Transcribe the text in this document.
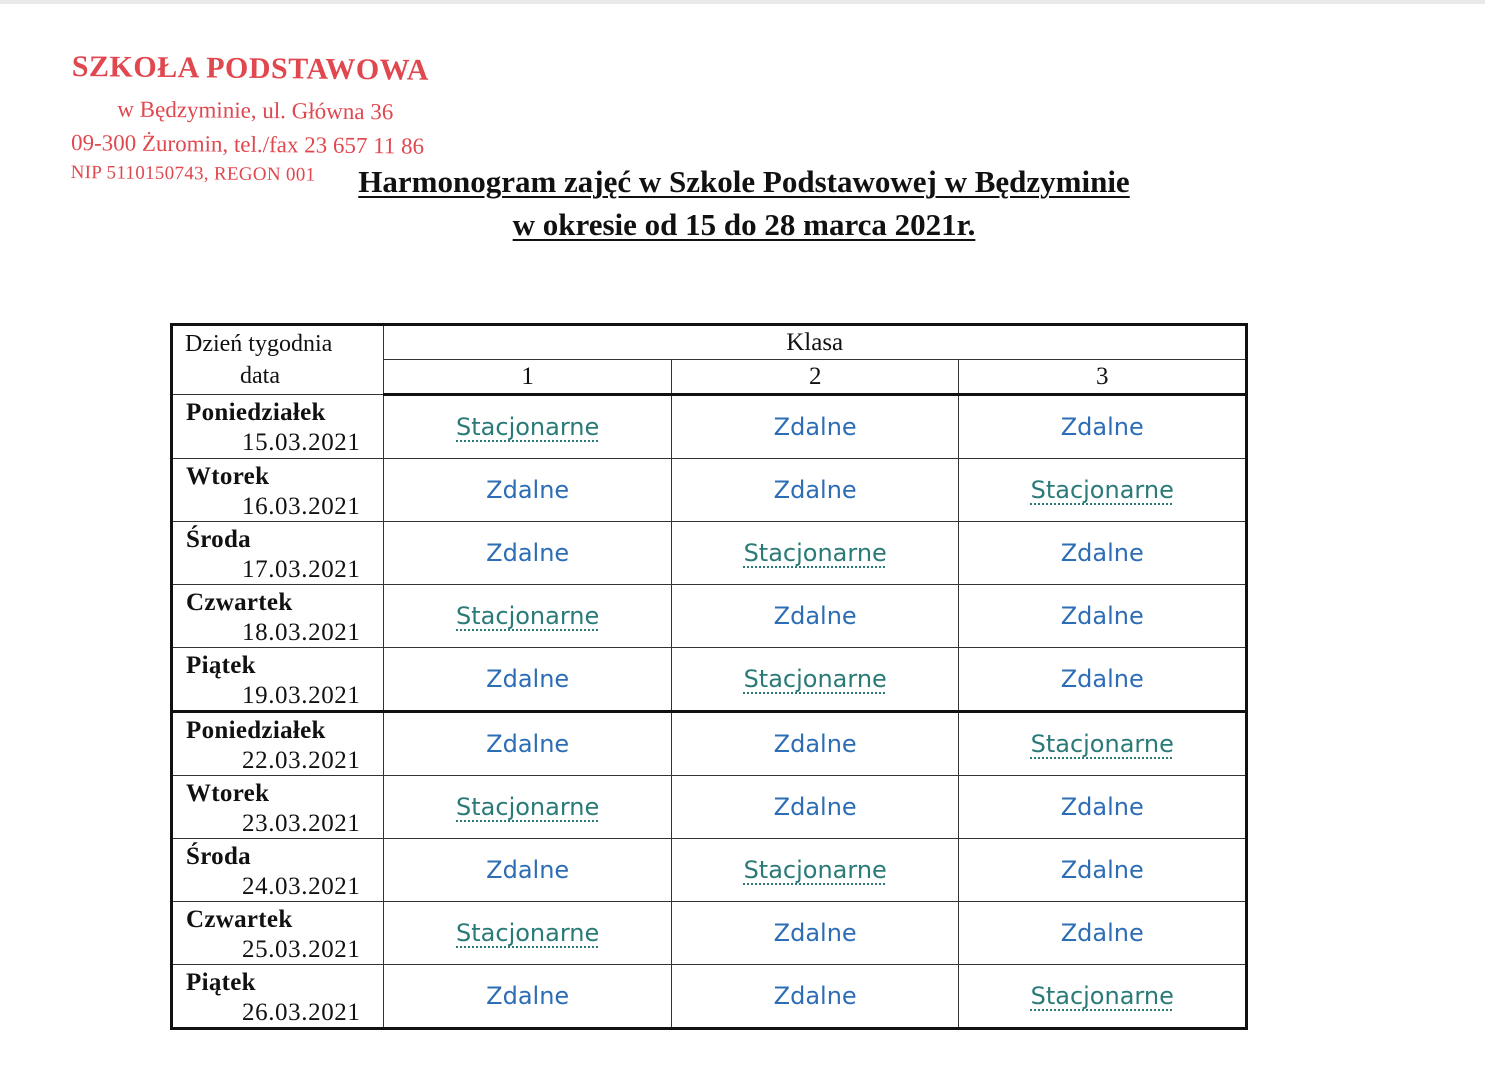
SZKOŁA PODSTAWOWA
w Będzyminie, ul. Główna 36
09-300 Żuromin, tel./fax 23 657 11 86
NIP 5110150743, REGON 001	Harmonogram zajęć w Szkole Podstawowej w Będzyminie
w okresie od 15 do 28 marca 2021r.
Dzień tygodnia
data	Klasa		
	1	2	3

Poniedziałek
15.03.2021	Stacjonarne	Zdalne	Zdalne

Wtorek
16.03.2021	Zdalne	Zdalne	Stacjonarne

Środa
17.03.2021	Zdalne	Stacjonarne	Zdalne

Czwartek
18.03.2021	Stacjonarne	Zdalne	Zdalne

Piątek
19.03.2021	Zdalne	Stacjonarne	Zdalne

Poniedziałek
22.03.2021	Zdalne	Zdalne	Stacjonarne

Wtorek
23.03.2021	Stacjonarne	Zdalne	Zdalne

Środa
24.03.2021	Zdalne	Stacjonarne	Zdalne

Czwartek
25.03.2021	Stacjonarne	Zdalne	Zdalne

Piątek
26.03.2021	Zdalne	Zdalne	Stacjonarne
